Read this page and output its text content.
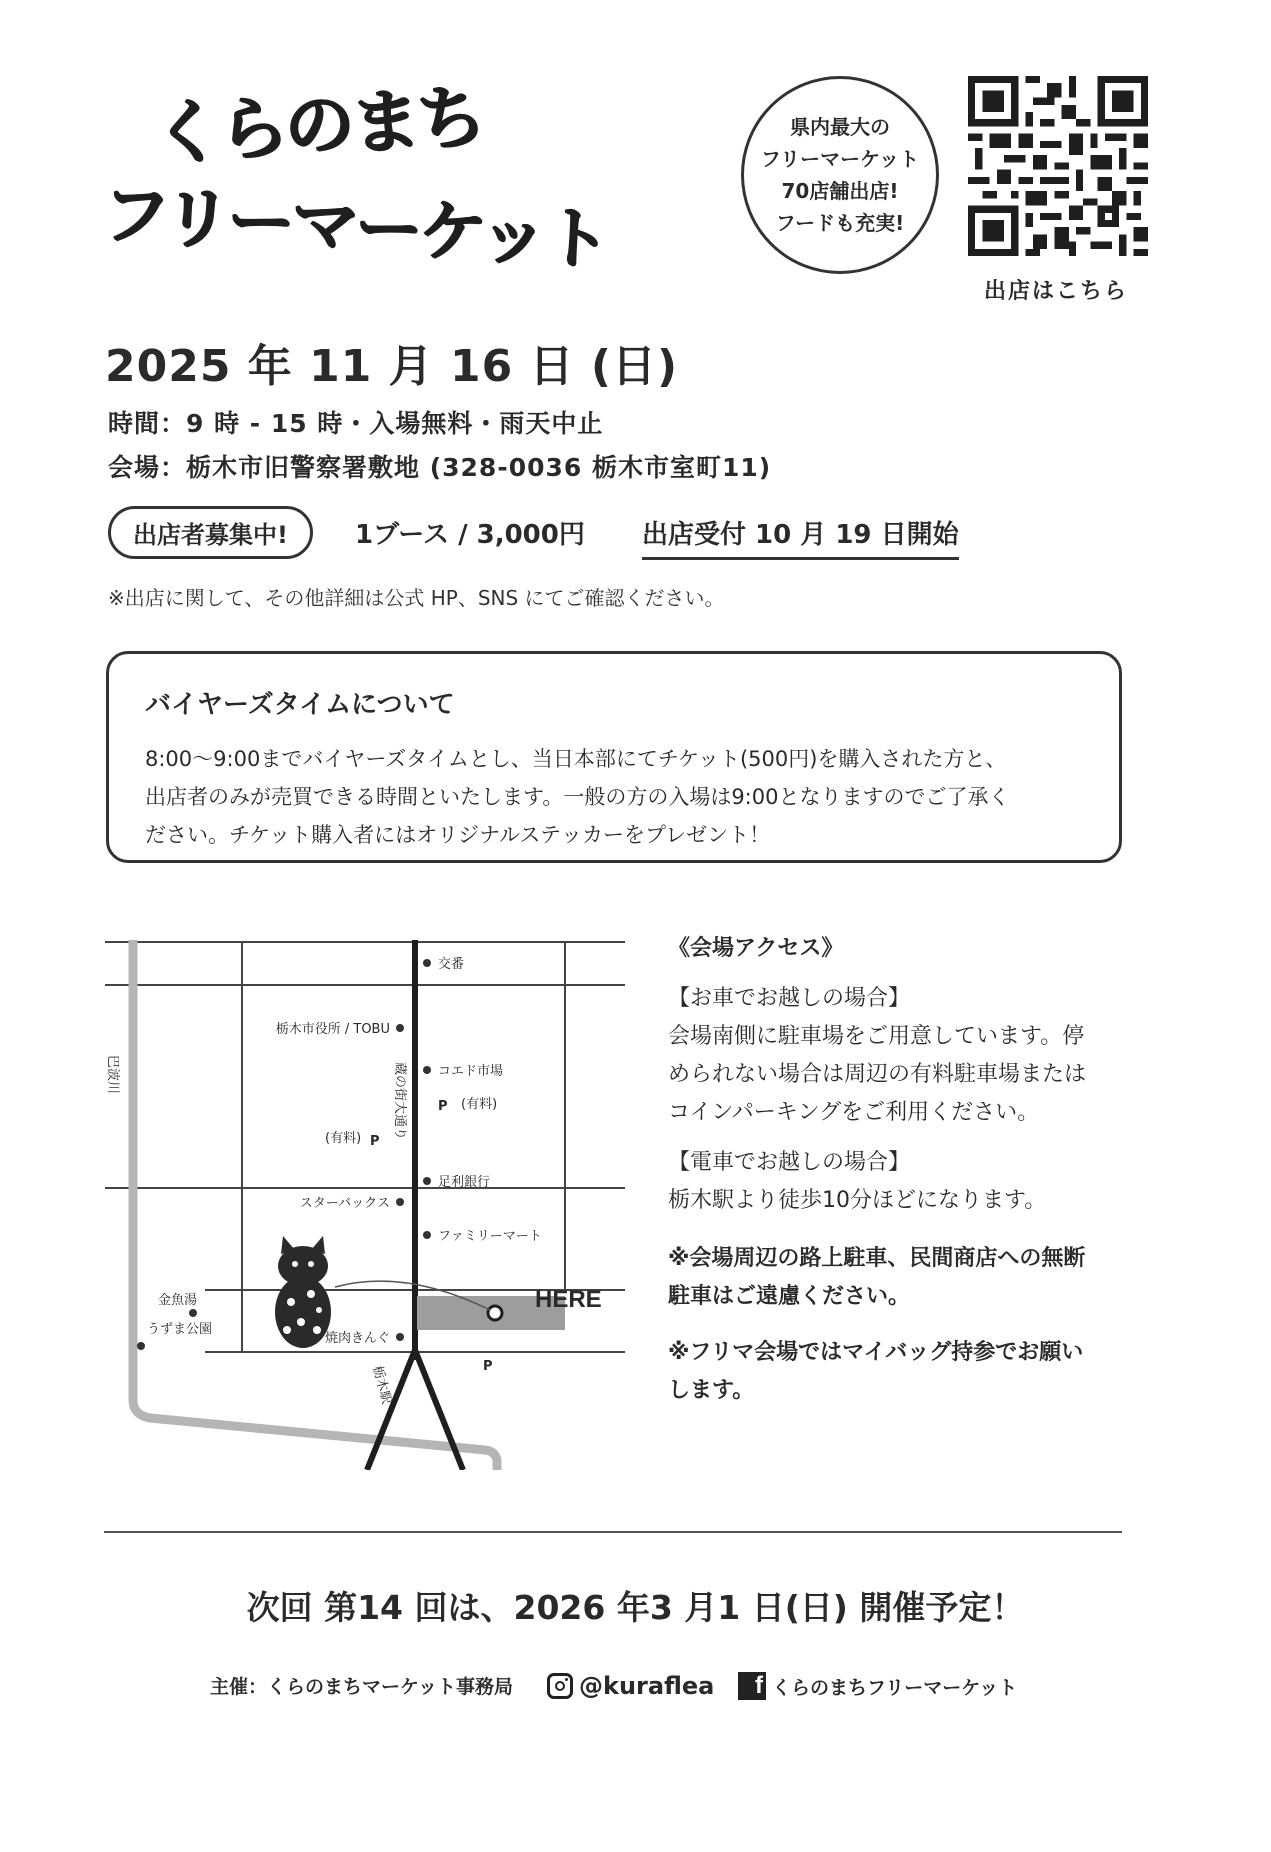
くらのまち
フリーマーケット
県内最大の
フリーマーケット
70店舗出店!
フードも充実!
出店はこちら
2025 年 11 月 16 日 (日)
時間：9 時 - 15 時・入場無料・雨天中止
会場：栃木市旧警察署敷地 (328-0036 栃木市室町11)
出店者募集中!	1ブース / 3,000円 出店受付 10 月 19 日開始
※出店に関して、その他詳細は公式 HP、SNS にてご確認ください。
バイヤーズタイムについて
8:00〜9:00までバイヤーズタイムとし、当日本部にてチケット(500円)を購入された方と、
出店者のみが売買できる時間といたします。一般の方の入場は9:00となりますのでご了承く
ださい。チケット購入者にはオリジナルステッカーをプレゼント！
交番
栃木市役所 / TOBU
コエド市場
足利銀行
スターバックス
ファミリーマート
金魚湯
うずま公園
焼肉きんぐ
P (有料)
(有料) P
P
HERE
巴波川	蔵の街大通り
栃木駅
《会場アクセス》
【お車でお越しの場合】
会場南側に駐車場をご用意しています。停
められない場合は周辺の有料駐車場または
コインパーキングをご利用ください。
【電車でお越しの場合】
栃木駅より徒歩10分ほどになります。
※会場周辺の路上駐車、民間商店への無断
駐車はご遠慮ください。
※フリマ会場ではマイバッグ持参でお願い
します。
次回 第14 回は、2026 年3 月1 日(日) 開催予定！
主催：くらのまちマーケット事務局	@kuraflea	f くらのまちフリーマーケット
